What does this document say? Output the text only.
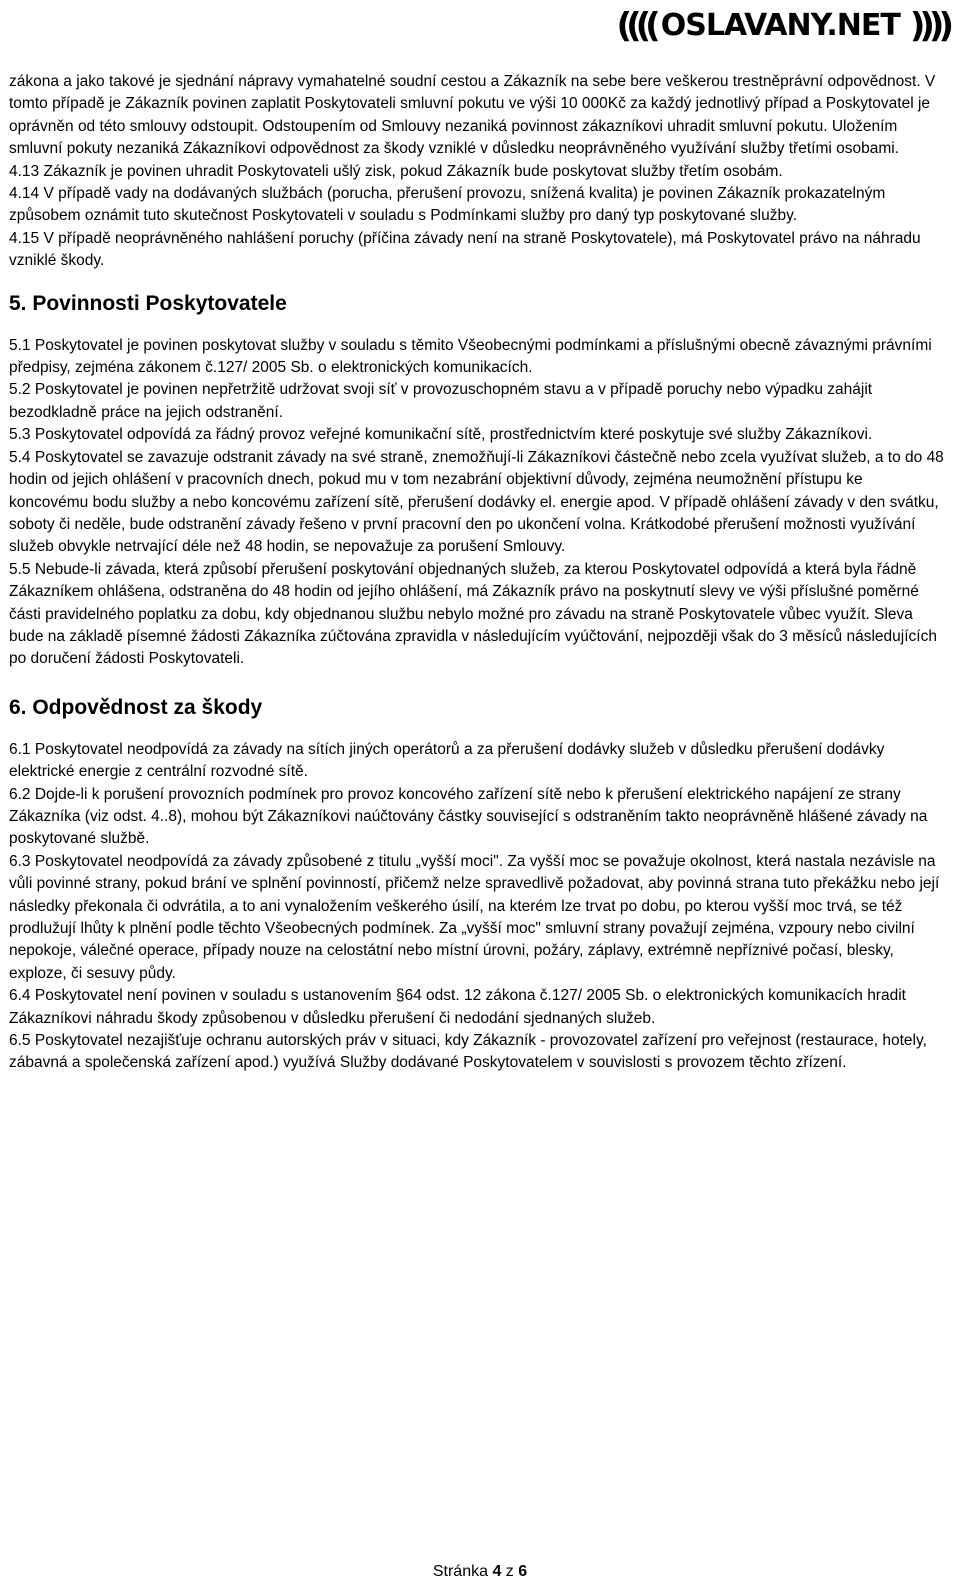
(((( OSLAVANY.NET ))))

zákona a jako takové je sjednání nápravy vymahatelné soudní cestou a Zákazník na sebe bere veškerou trestněprávní odpovědnost. V tomto případě je Zákazník povinen zaplatit Poskytovateli smluvní pokutu ve výši 10 000Kč za každý jednotlivý případ a Poskytovatel je oprávněn od této smlouvy odstoupit. Odstoupením od Smlouvy nezaniká povinnost zákazníkovi uhradit smluvní pokutu. Uložením smluvní pokuty nezaniká Zákazníkovi odpovědnost za škody vzniklé v důsledku neoprávněného využívání služby třetími osobami.

4.13 Zákazník je povinen uhradit Poskytovateli ušlý zisk, pokud Zákazník bude poskytovat služby třetím osobám.

4.14 V případě vady na dodávaných službách (porucha, přerušení provozu, snížená kvalita) je povinen Zákazník prokazatelným způsobem oznámit tuto skutečnost Poskytovateli v souladu s Podmínkami služby pro daný typ poskytované služby.

4.15 V případě neoprávněného nahlášení poruchy (příčina závady není na straně Poskytovatele), má Poskytovatel právo na náhradu vzniklé škody.

5. Povinnosti Poskytovatele

5.1 Poskytovatel je povinen poskytovat služby v souladu s těmito Všeobecnými podmínkami a příslušnými obecně závaznými právními předpisy, zejména zákonem č.127/ 2005 Sb. o elektronických komunikacích.

5.2 Poskytovatel je povinen nepřetržitě udržovat svoji síť v provozuschopném stavu a v případě poruchy nebo výpadku zahájit bezodkladně práce na jejich odstranění.

5.3 Poskytovatel odpovídá za řádný provoz veřejné komunikační sítě, prostřednictvím které poskytuje své služby Zákazníkovi.

5.4 Poskytovatel se zavazuje odstranit závady na své straně, znemožňují-li Zákazníkovi částečně nebo zcela využívat služeb, a to do 48 hodin od jejich ohlášení v pracovních dnech, pokud mu v tom nezabrání objektivní důvody, zejména neumožnění přístupu ke koncovému bodu služby a nebo koncovému zařízení sítě, přerušení dodávky el. energie apod. V případě ohlášení závady v den svátku, soboty či neděle, bude odstranění závady řešeno v první pracovní den po ukončení volna. Krátkodobé přerušení možnosti využívání služeb obvykle netrvající déle než 48 hodin, se nepovažuje za porušení Smlouvy.

5.5 Nebude-li závada, která způsobí přerušení poskytování objednaných služeb, za kterou Poskytovatel odpovídá a která byla řádně Zákazníkem ohlášena, odstraněna do 48 hodin od jejího ohlášení, má Zákazník právo na poskytnutí slevy ve výši příslušné poměrné části pravidelného poplatku za dobu, kdy objednanou službu nebylo možné pro závadu na straně Poskytovatele vůbec využít. Sleva bude na základě písemné žádosti Zákazníka zúčtována zpravidla v následujícím vyúčtování, nejpozději však do 3 měsíců následujících po doručení žádosti Poskytovateli.

6. Odpovědnost za škody

6.1 Poskytovatel neodpovídá za závady na sítích jiných operátorů a za přerušení dodávky služeb v důsledku přerušení dodávky elektrické energie z centrální rozvodné sítě.

6.2 Dojde-li k porušení provozních podmínek pro provoz koncového zařízení sítě nebo k přerušení elektrického napájení ze strany Zákazníka (viz odst. 4..8), mohou být Zákazníkovi naúčtovány částky související s odstraněním takto neoprávněně hlášené závady na poskytované službě.

6.3 Poskytovatel neodpovídá za závady způsobené z titulu „vyšší moci". Za vyšší moc se považuje okolnost, která nastala nezávisle na vůli povinné strany, pokud brání ve splnění povinností, přičemž nelze spravedlivě požadovat, aby povinná strana tuto překážku nebo její následky překonala či odvrátila, a to ani vynaložením veškerého úsilí, na kterém lze trvat po dobu, po kterou vyšší moc trvá, se též prodlužují lhůty k plnění podle těchto Všeobecných podmínek. Za „vyšší moc" smluvní strany považují zejména, vzpoury nebo civilní nepokoje, válečné operace, případy nouze na celostátní nebo místní úrovni, požáry, záplavy, extrémně nepříznivé počasí, blesky, exploze, či sesuvy půdy.

6.4 Poskytovatel není povinen v souladu s ustanovením §64 odst. 12 zákona č.127/ 2005 Sb. o elektronických komunikacích hradit Zákazníkovi náhradu škody způsobenou v důsledku přerušení či nedodání sjednaných služeb.

6.5 Poskytovatel nezajišťuje ochranu autorských práv v situaci, kdy Zákazník - provozovatel zařízení pro veřejnost (restaurace, hotely, zábavná a společenská zařízení apod.) využívá Služby dodávané Poskytovatelem v souvislosti s provozem těchto zřízení.

Stránka 4 z 6
